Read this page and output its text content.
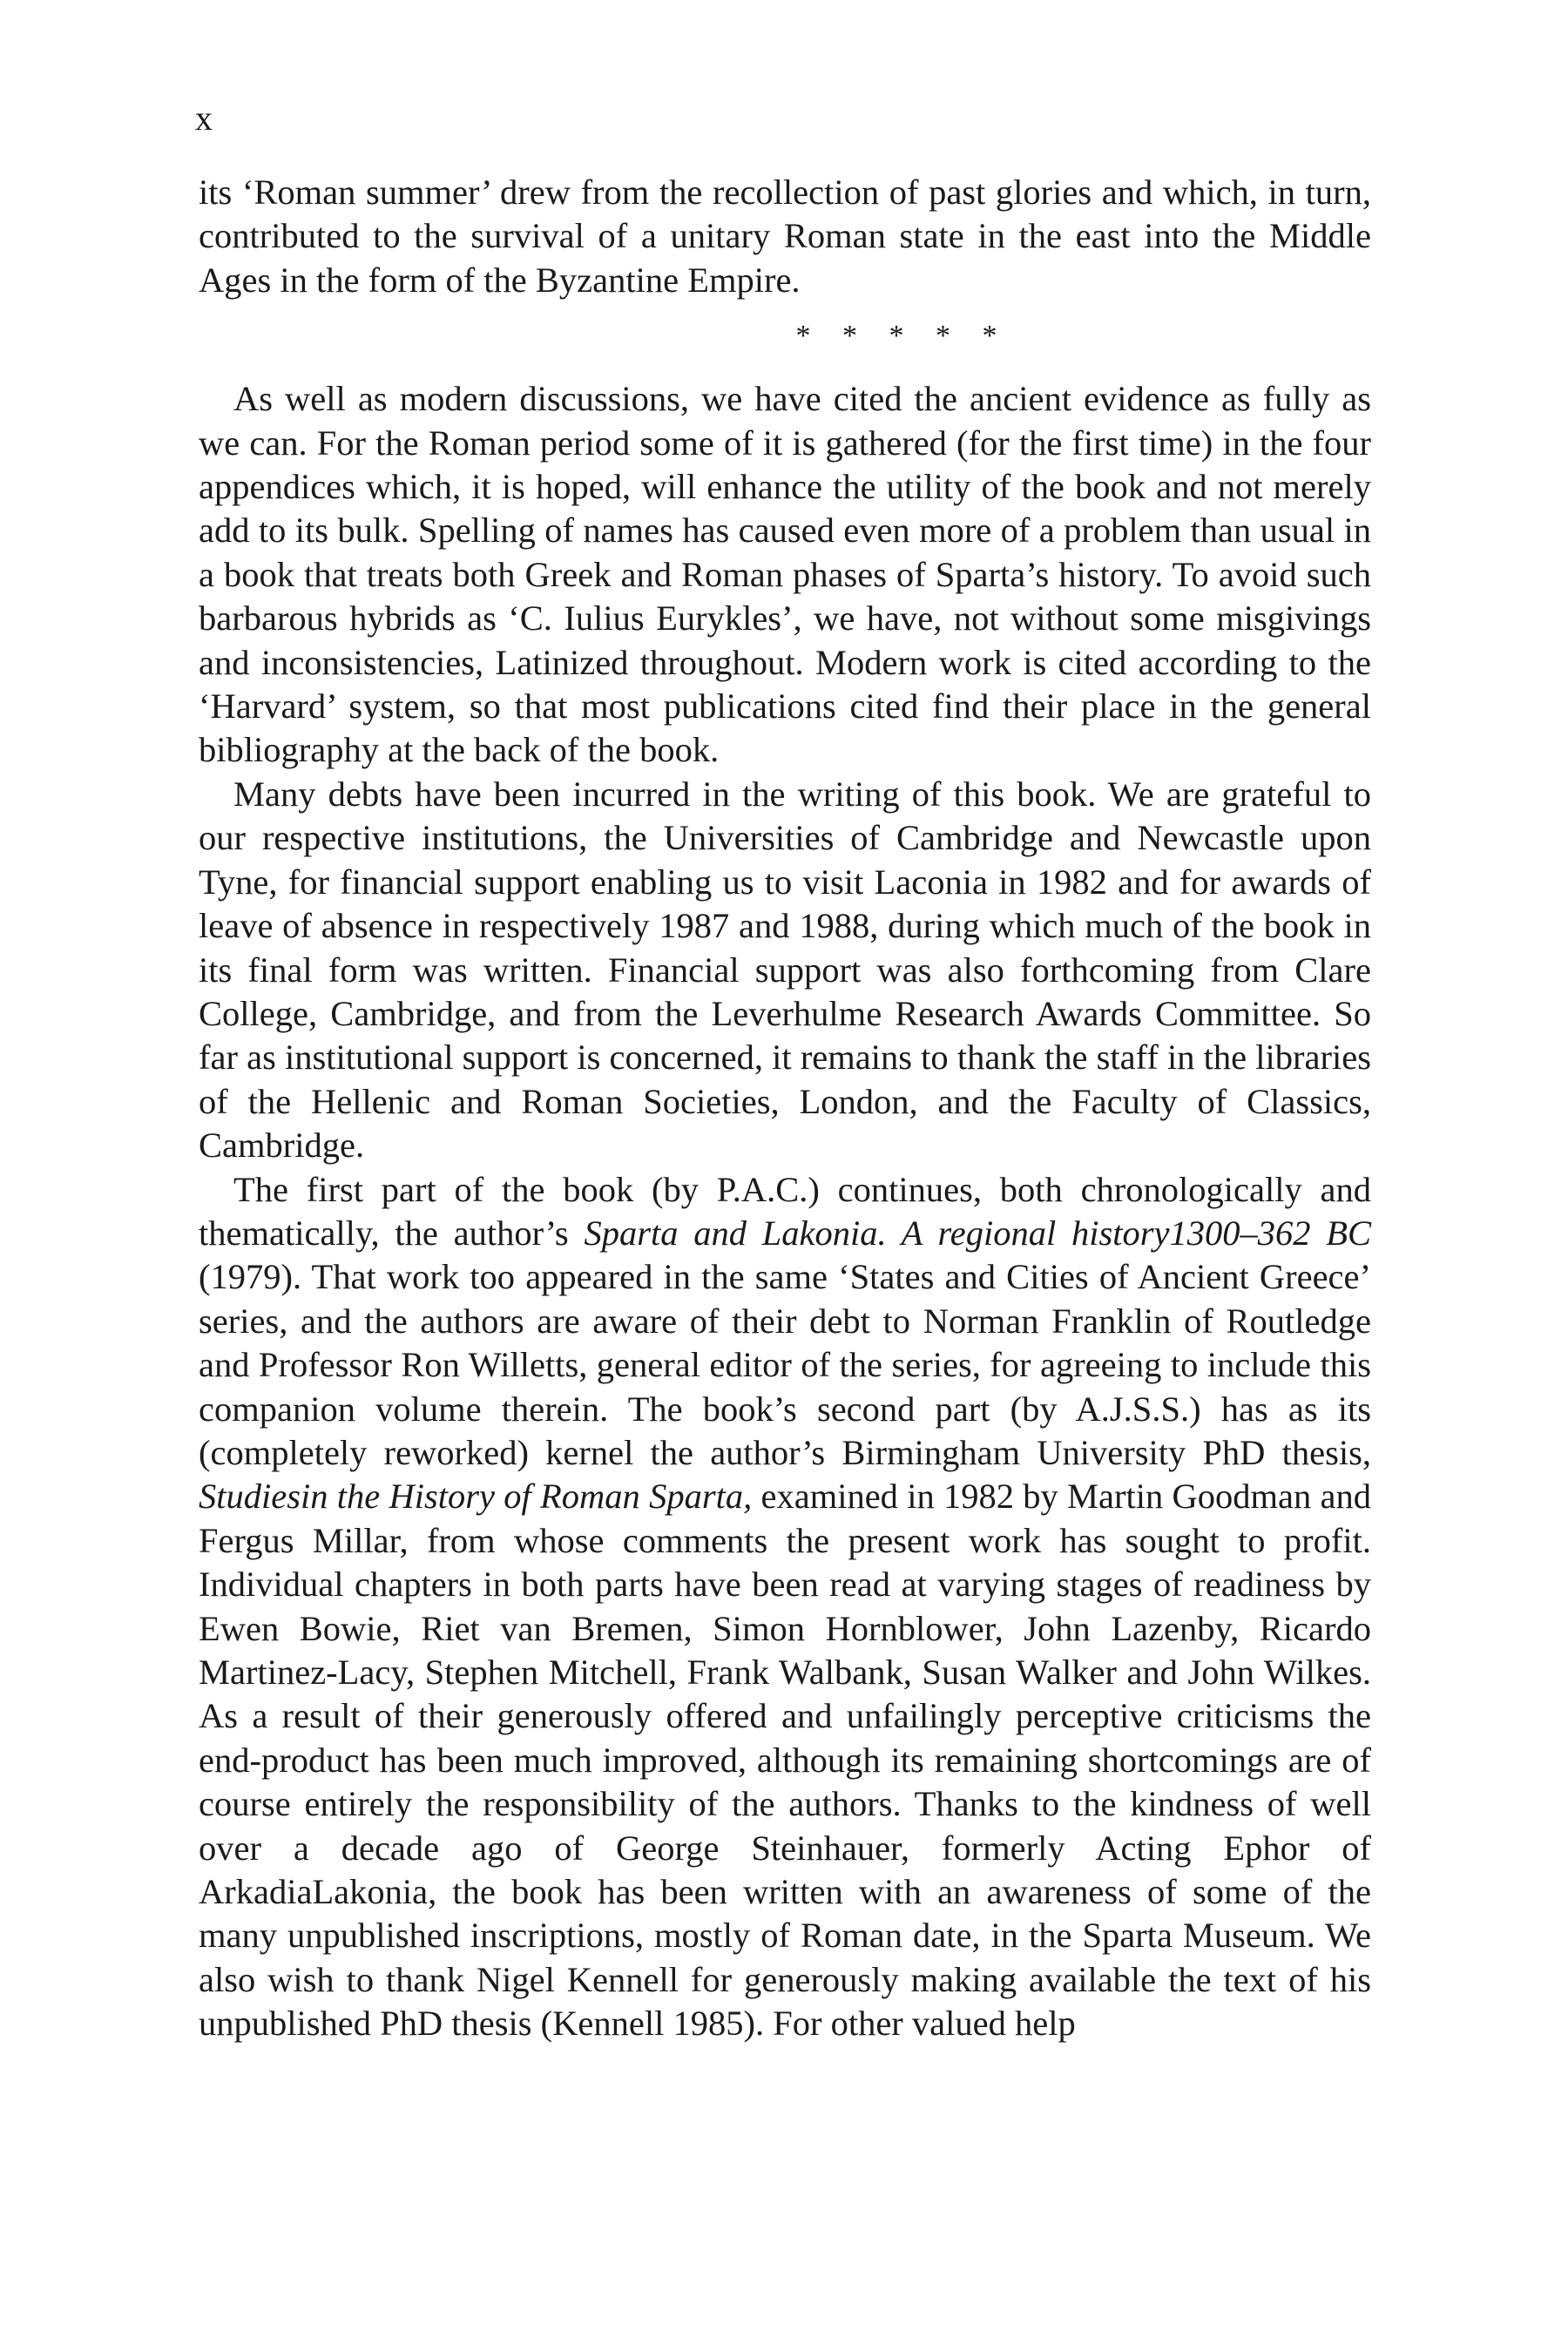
x

its ‘Roman summer’ drew from the recollection of past glories and which, in turn, contributed to the survival of a unitary Roman state in the east into the Middle Ages in the form of the Byzantine Empire.

* * * * *

As well as modern discussions, we have cited the ancient evidence as fully as we can. For the Roman period some of it is gathered (for the first time) in the four appendices which, it is hoped, will enhance the utility of the book and not merely add to its bulk. Spelling of names has caused even more of a problem than usual in a book that treats both Greek and Roman phases of Sparta’s history. To avoid such barbarous hybrids as ‘C. Iulius Eurykles’, we have, not without some misgivings and inconsistencies, Latinized throughout. Modern work is cited according to the ‘Harvard’ system, so that most publications cited find their place in the general bibliography at the back of the book.

Many debts have been incurred in the writing of this book. We are grateful to our respective institutions, the Universities of Cambridge and Newcastle upon Tyne, for financial support enabling us to visit Laconia in 1982 and for awards of leave of absence in respectively 1987 and 1988, during which much of the book in its final form was written. Financial support was also forthcoming from Clare College, Cambridge, and from the Leverhulme Research Awards Committee. So far as institutional support is concerned, it remains to thank the staff in the libraries of the Hellenic and Roman Societies, London, and the Faculty of Classics, Cambridge.

The first part of the book (by P.A.C.) continues, both chronologically and thematically, the author’s Sparta and Lakonia. A regional history1300–362 BC (1979). That work too appeared in the same ‘States and Cities of Ancient Greece’ series, and the authors are aware of their debt to Norman Franklin of Routledge and Professor Ron Willetts, general editor of the series, for agreeing to include this companion volume therein. The book’s second part (by A.J.S.S.) has as its (completely reworked) kernel the author’s Birmingham University PhD thesis, Studiesin the History of Roman Sparta, examined in 1982 by Martin Goodman and Fergus Millar, from whose comments the present work has sought to profit. Individual chapters in both parts have been read at varying stages of readiness by Ewen Bowie, Riet van Bremen, Simon Hornblower, John Lazenby, Ricardo Martinez-Lacy, Stephen Mitchell, Frank Walbank, Susan Walker and John Wilkes. As a result of their generously offered and unfailingly perceptive criticisms the end-product has been much improved, although its remaining shortcomings are of course entirely the responsibility of the authors. Thanks to the kindness of well over a decade ago of George Steinhauer, formerly Acting Ephor of ArkadiaLakonia, the book has been written with an awareness of some of the many unpublished inscriptions, mostly of Roman date, in the Sparta Museum. We also wish to thank Nigel Kennell for generously making available the text of his unpublished PhD thesis (Kennell 1985). For other valued help
